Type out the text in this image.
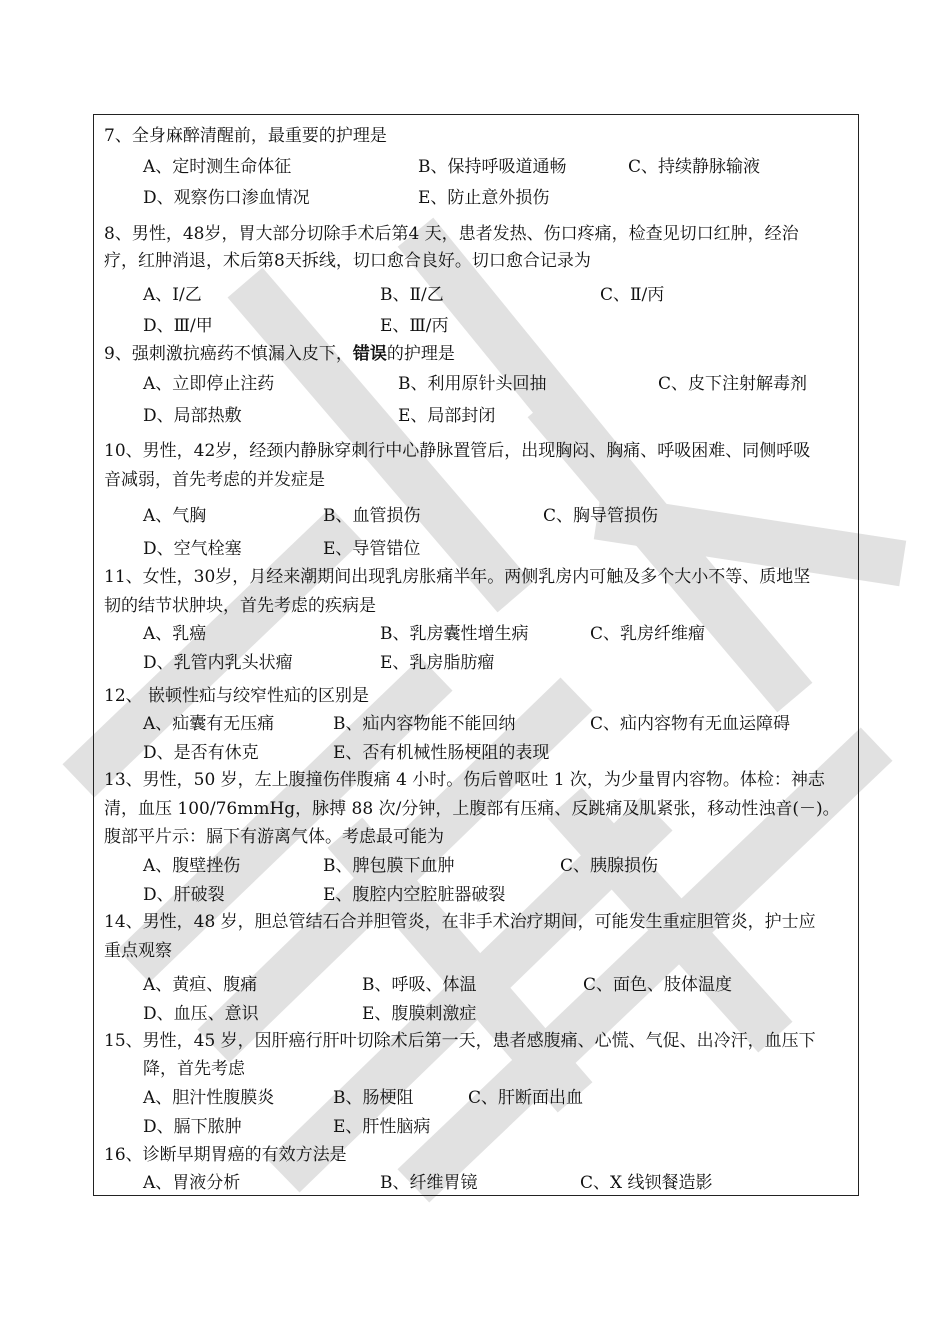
7、全身麻醉清醒前，最重要的护理是
A、定时测生命体征	B、保持呼吸道通畅	C、持续静脉输液
D、观察伤口渗血情况	E、防止意外损伤
8、男性，48岁，胃大部分切除手术后第4 天，患者发热、伤口疼痛，检查见切口红肿，经治
疗，红肿消退，术后第8天拆线，切口愈合良好。切口愈合记录为
A、Ⅰ/乙	B、Ⅱ/乙	C、Ⅱ/丙
D、Ⅲ/甲	E、Ⅲ/丙
9、强刺激抗癌药不慎漏入皮下，错误的护理是
A、立即停止注药	B、利用原针头回抽	C、皮下注射解毒剂
D、局部热敷	E、局部封闭
10、男性，42岁，经颈内静脉穿刺行中心静脉置管后，出现胸闷、胸痛、呼吸困难、同侧呼吸
音减弱，首先考虑的并发症是
A、气胸	B、血管损伤	C、胸导管损伤
D、空气栓塞	E、导管错位
11、女性，30岁，月经来潮期间出现乳房胀痛半年。两侧乳房内可触及多个大小不等、质地坚
韧的结节状肿块，首先考虑的疾病是
A、乳癌	B、乳房囊性增生病	C、乳房纤维瘤
D、乳管内乳头状瘤	E、乳房脂肪瘤
12、 嵌顿性疝与绞窄性疝的区别是
A、疝囊有无压痛	B、疝内容物能不能回纳	C、疝内容物有无血运障碍
D、是否有休克	E、否有机械性肠梗阻的表现
13、男性，50 岁，左上腹撞伤伴腹痛 4 小时。伤后曾呕吐 1 次，为少量胃内容物。体检：神志
清，血压 100/76mmHg，脉搏 88 次/分钟，上腹部有压痛、反跳痛及肌紧张，移动性浊音(－)。
腹部平片示：膈下有游离气体。考虑最可能为
A、腹壁挫伤	B、脾包膜下血肿	C、胰腺损伤
D、肝破裂	E、腹腔内空腔脏器破裂
14、男性，48 岁，胆总管结石合并胆管炎，在非手术治疗期间，可能发生重症胆管炎，护士应
重点观察
A、黄疸、腹痛	B、呼吸、体温	C、面色、肢体温度
D、血压、意识	E、腹膜刺激症
15、男性，45 岁，因肝癌行肝叶切除术后第一天，患者感腹痛、心慌、气促、出冷汗，血压下
降，首先考虑
A、胆汁性腹膜炎	B、肠梗阻	C、肝断面出血
D、膈下脓肿	E、肝性脑病
16、诊断早期胃癌的有效方法是
A、胃液分析	B、纤维胃镜	C、X 线钡餐造影
